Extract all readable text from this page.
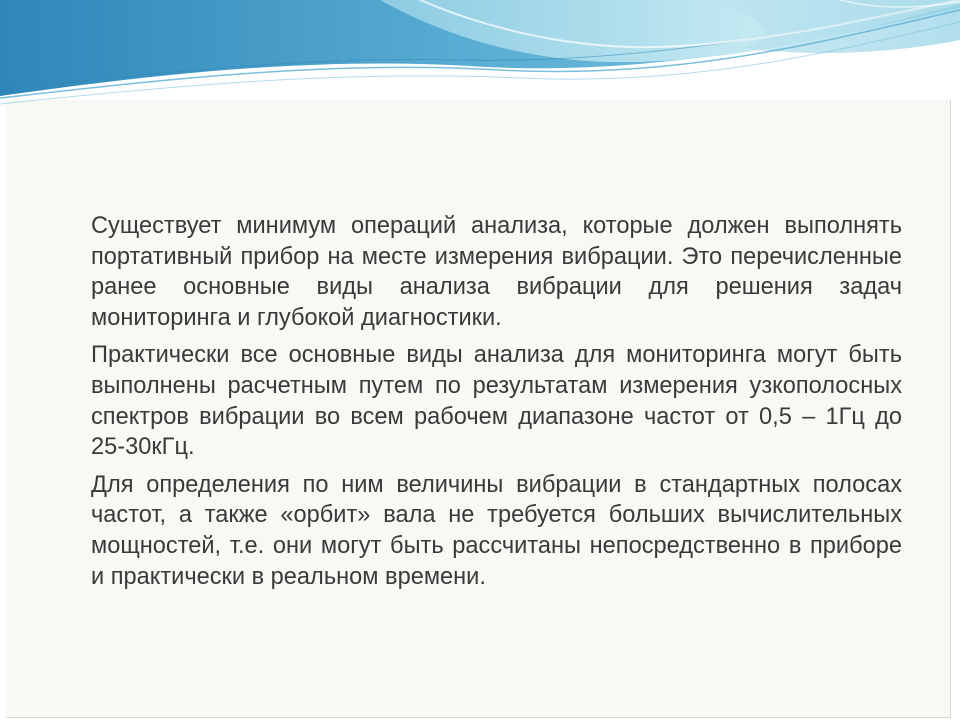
Существует минимум операций анализа, которые должен выполнять портативный прибор на месте измерения вибрации. Это перечисленные ранее основные виды анализа вибрации для решения задач мониторинга и глубокой диагностики.

Практически все основные виды анализа для мониторинга могут быть выполнены расчетным путем по результатам измерения узкополосных спектров вибрации во всем рабочем диапазоне частот от 0,5 – 1Гц до 25-30кГц.

Для определения по ним величины вибрации в стандартных полосах частот, а также «орбит» вала не требуется больших вычислительных мощностей, т.е. они могут быть рассчитаны непосредственно в приборе и практически в реальном времени.
